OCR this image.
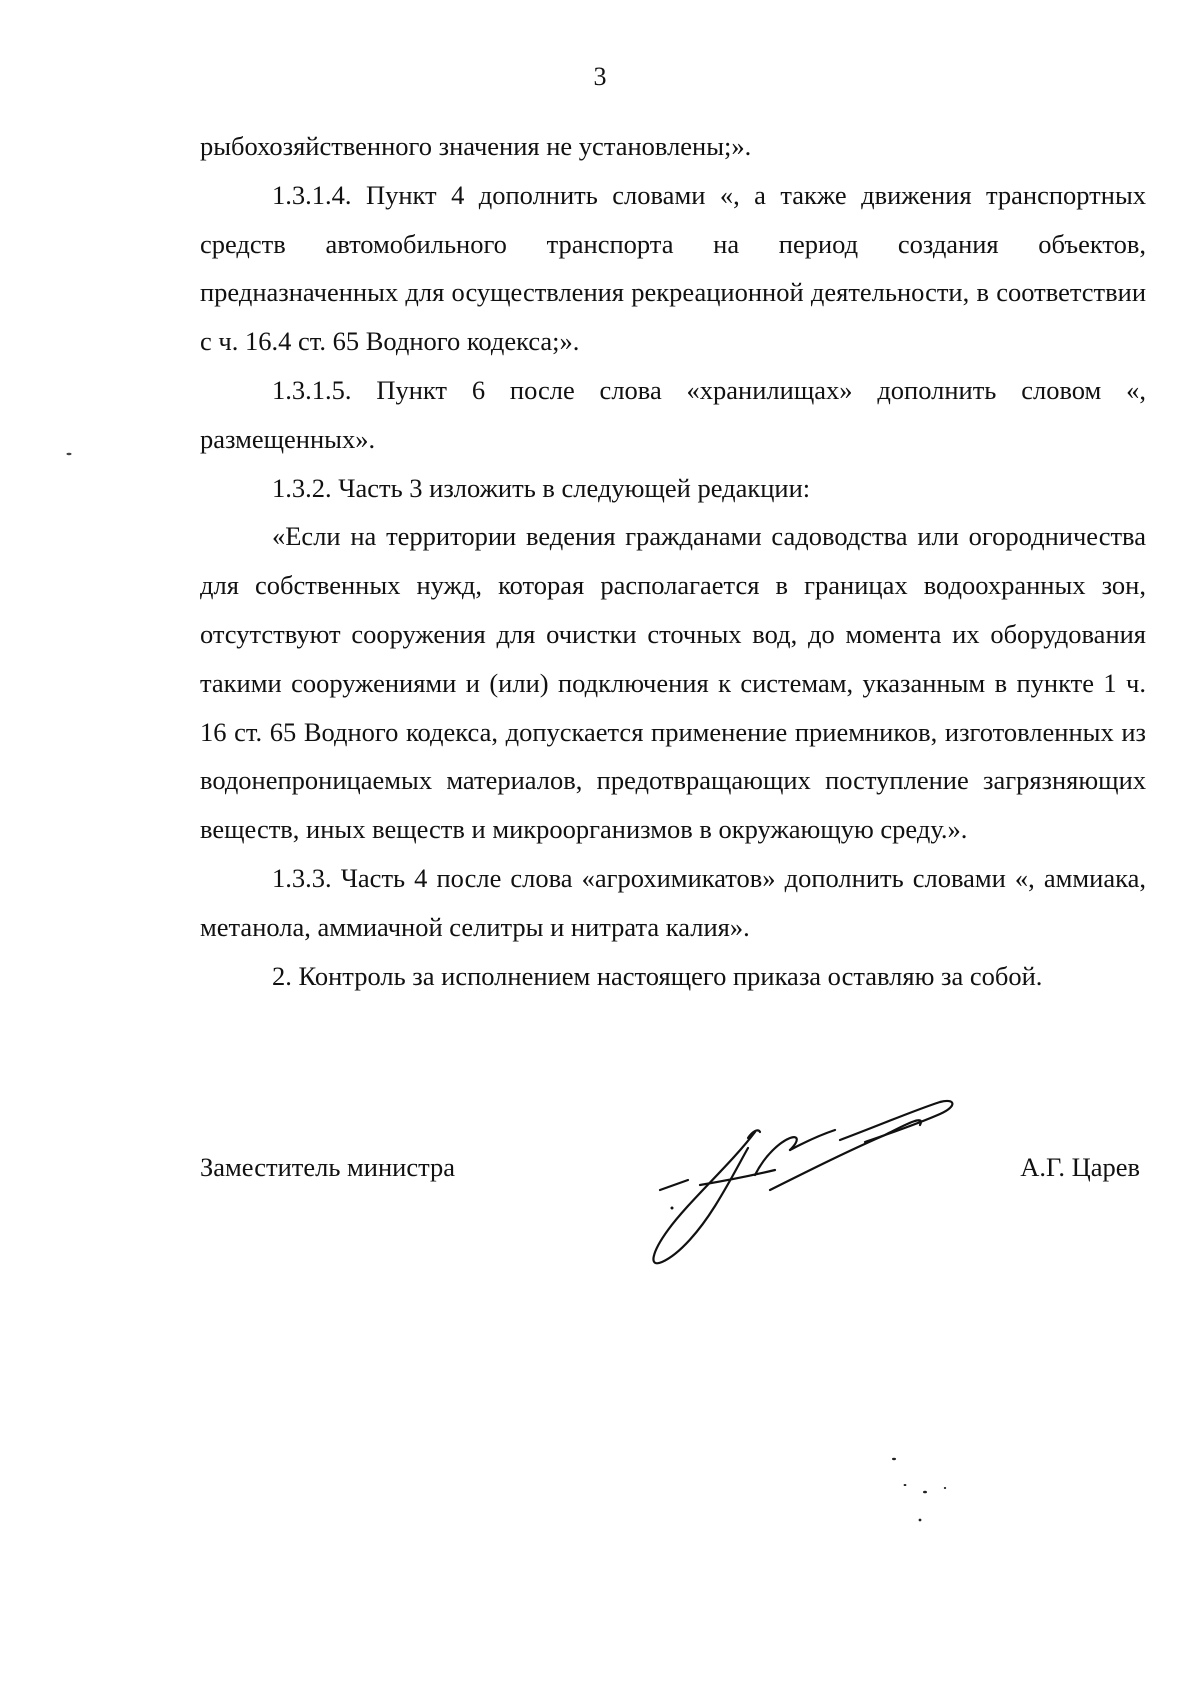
3

рыбохозяйственного значения не установлены;».

1.3.1.4. Пункт 4 дополнить словами «, а также движения транспортных средств автомобильного транспорта на период создания объектов, предназначенных для осуществления рекреационной деятельности, в соответствии с ч. 16.4 ст. 65 Водного кодекса;».

1.3.1.5. Пункт 6 после слова «хранилищах» дополнить словом «, размещенных».

1.3.2. Часть 3 изложить в следующей редакции:

«Если на территории ведения гражданами садоводства или огородничества для собственных нужд, которая располагается в границах водоохранных зон, отсутствуют сооружения для очистки сточных вод, до момента их оборудования такими сооружениями и (или) подключения к системам, указанным в пункте 1 ч. 16 ст. 65 Водного кодекса, допускается применение приемников, изготовленных из водонепроницаемых материалов, предотвращающих поступление загрязняющих веществ, иных веществ и микроорганизмов в окружающую среду.».

1.3.3. Часть 4 после слова «агрохимикатов» дополнить словами «, аммиака, метанола, аммиачной селитры и нитрата калия».

2. Контроль за исполнением настоящего приказа оставляю за собой.

Заместитель министра	А.Г. Царев
